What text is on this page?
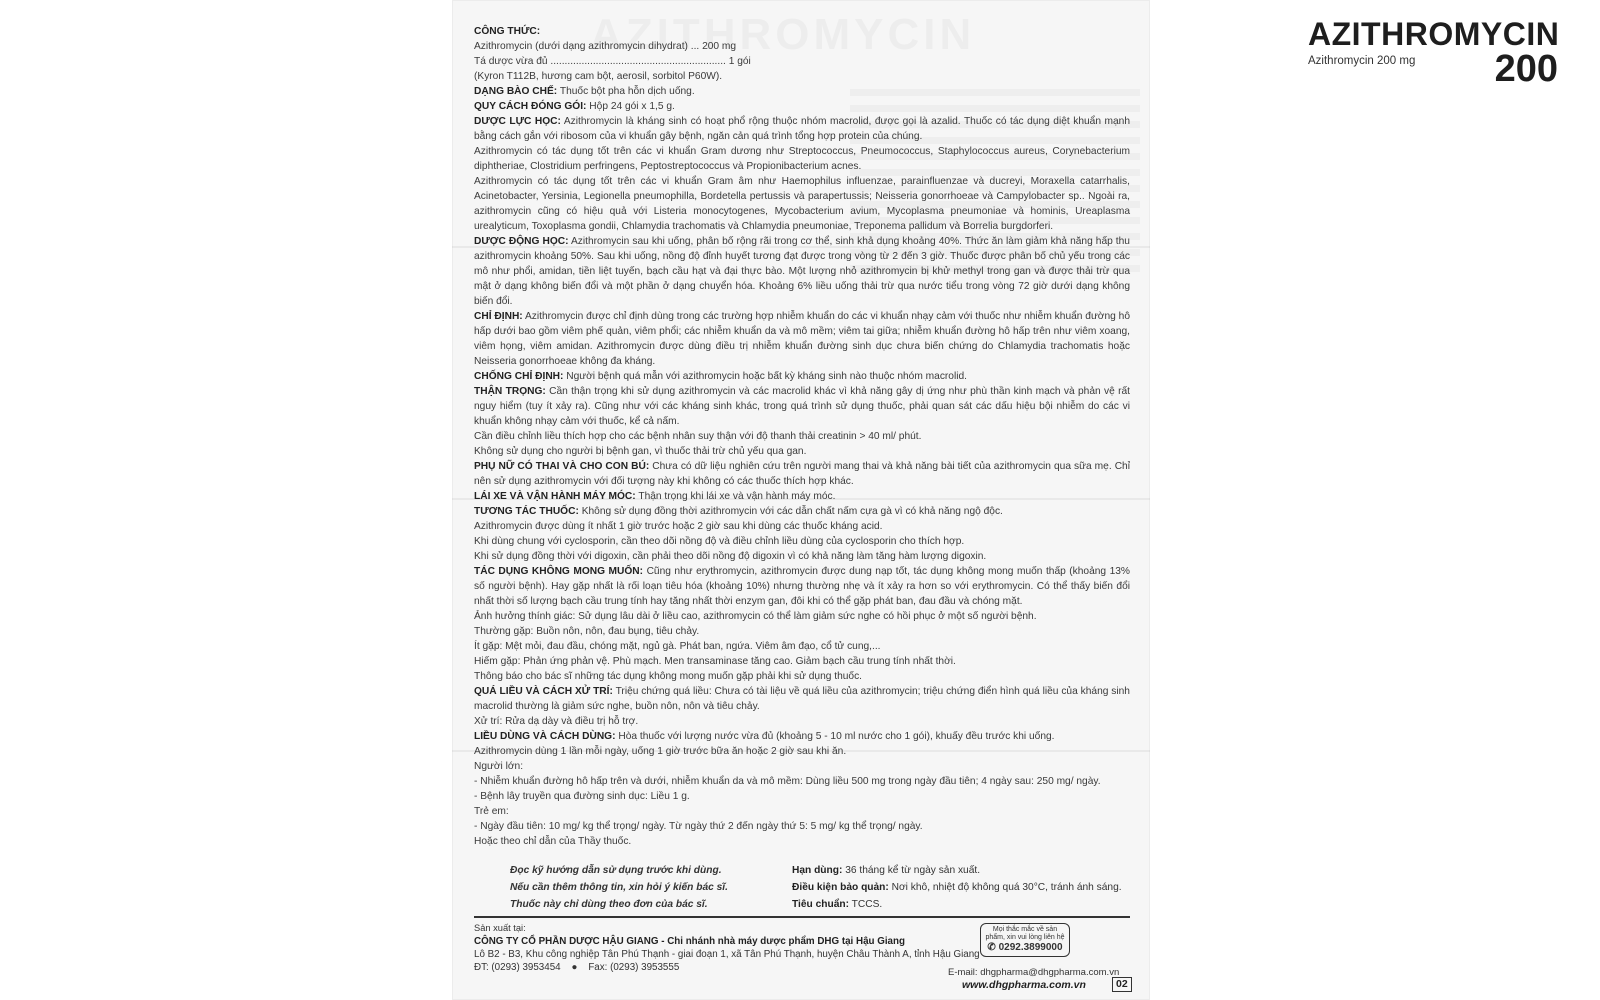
AZITHROMYCIN
Azithromycin 200 mg	200

CÔNG THỨC:

Azithromycin (dưới dạng azithromycin dihydrat) ... 200 mg

Tá dược vừa đủ .............................................................. 1 gói

(Kyron T112B, hương cam bột, aerosil, sorbitol P60W).

DẠNG BÀO CHẾ: Thuốc bột pha hỗn dịch uống.

QUY CÁCH ĐÓNG GÓI: Hộp 24 gói x 1,5 g.

DƯỢC LỰC HỌC: Azithromycin là kháng sinh có hoạt phổ rộng thuộc nhóm macrolid, được gọi là azalid. Thuốc có tác dụng diệt khuẩn mạnh bằng cách gắn với ribosom của vi khuẩn gây bệnh, ngăn cản quá trình tổng hợp protein của chúng.

Azithromycin có tác dụng tốt trên các vi khuẩn Gram dương như Streptococcus, Pneumococcus, Staphylococcus aureus, Corynebacterium diphtheriae, Clostridium perfringens, Peptostreptococcus và Propionibacterium acnes.

Azithromycin có tác dụng tốt trên các vi khuẩn Gram âm như Haemophilus influenzae, parainfluenzae và ducreyi, Moraxella catarrhalis, Acinetobacter, Yersinia, Legionella pneumophilla, Bordetella pertussis và parapertussis; Neisseria gonorrhoeae và Campylobacter sp.. Ngoài ra, azithromycin cũng có hiệu quả với Listeria monocytogenes, Mycobacterium avium, Mycoplasma pneumoniae và hominis, Ureaplasma urealyticum, Toxoplasma gondii, Chlamydia trachomatis và Chlamydia pneumoniae, Treponema pallidum và Borrelia burgdorferi.

DƯỢC ĐỘNG HỌC: Azithromycin sau khi uống, phân bố rộng rãi trong cơ thể, sinh khả dụng khoảng 40%. Thức ăn làm giảm khả năng hấp thu azithromycin khoảng 50%. Sau khi uống, nồng độ đỉnh huyết tương đạt được trong vòng từ 2 đến 3 giờ. Thuốc được phân bố chủ yếu trong các mô như phổi, amidan, tiền liệt tuyến, bạch cầu hạt và đại thực bào. Một lượng nhỏ azithromycin bị khử methyl trong gan và được thải trừ qua mật ở dạng không biến đổi và một phần ở dạng chuyển hóa. Khoảng 6% liều uống thải trừ qua nước tiểu trong vòng 72 giờ dưới dạng không biến đổi.

CHỈ ĐỊNH: Azithromycin được chỉ định dùng trong các trường hợp nhiễm khuẩn do các vi khuẩn nhạy cảm với thuốc như nhiễm khuẩn đường hô hấp dưới bao gồm viêm phế quản, viêm phổi; các nhiễm khuẩn da và mô mềm; viêm tai giữa; nhiễm khuẩn đường hô hấp trên như viêm xoang, viêm họng, viêm amidan. Azithromycin được dùng điều trị nhiễm khuẩn đường sinh dục chưa biến chứng do Chlamydia trachomatis hoặc Neisseria gonorrhoeae không đa kháng.

CHỐNG CHỈ ĐỊNH: Người bệnh quá mẫn với azithromycin hoặc bất kỳ kháng sinh nào thuộc nhóm macrolid.

THẬN TRỌNG: Cần thận trọng khi sử dụng azithromycin và các macrolid khác vì khả năng gây dị ứng như phù thần kinh mạch và phản vệ rất nguy hiểm (tuy ít xảy ra). Cũng như với các kháng sinh khác, trong quá trình sử dụng thuốc, phải quan sát các dấu hiệu bội nhiễm do các vi khuẩn không nhạy cảm với thuốc, kể cả nấm.

Cần điều chỉnh liều thích hợp cho các bệnh nhân suy thận với độ thanh thải creatinin > 40 ml/ phút.

Không sử dụng cho người bị bệnh gan, vì thuốc thải trừ chủ yếu qua gan.

PHỤ NỮ CÓ THAI VÀ CHO CON BÚ: Chưa có dữ liệu nghiên cứu trên người mang thai và khả năng bài tiết của azithromycin qua sữa mẹ. Chỉ nên sử dụng azithromycin với đối tượng này khi không có các thuốc thích hợp khác.

LÁI XE VÀ VẬN HÀNH MÁY MÓC: Thận trọng khi lái xe và vận hành máy móc.

TƯƠNG TÁC THUỐC: Không sử dụng đồng thời azithromycin với các dẫn chất nấm cựa gà vì có khả năng ngộ độc.

Azithromycin được dùng ít nhất 1 giờ trước hoặc 2 giờ sau khi dùng các thuốc kháng acid.

Khi dùng chung với cyclosporin, cần theo dõi nồng độ và điều chỉnh liều dùng của cyclosporin cho thích hợp.

Khi sử dụng đồng thời với digoxin, cần phải theo dõi nồng độ digoxin vì có khả năng làm tăng hàm lượng digoxin.

TÁC DỤNG KHÔNG MONG MUỐN: Cũng như erythromycin, azithromycin được dung nạp tốt, tác dụng không mong muốn thấp (khoảng 13% số người bệnh). Hay gặp nhất là rối loạn tiêu hóa (khoảng 10%) nhưng thường nhẹ và ít xảy ra hơn so với erythromycin. Có thể thấy biến đổi nhất thời số lượng bạch cầu trung tính hay tăng nhất thời enzym gan, đôi khi có thể gặp phát ban, đau đầu và chóng mặt.

Ảnh hưởng thính giác: Sử dụng lâu dài ở liều cao, azithromycin có thể làm giảm sức nghe có hồi phục ở một số người bệnh.

Thường gặp: Buồn nôn, nôn, đau bụng, tiêu chảy.

Ít gặp: Mệt mỏi, đau đầu, chóng mặt, ngủ gà. Phát ban, ngứa. Viêm âm đạo, cổ tử cung,...

Hiếm gặp: Phản ứng phản vệ. Phù mạch. Men transaminase tăng cao. Giảm bạch cầu trung tính nhất thời.

Thông báo cho bác sĩ những tác dụng không mong muốn gặp phải khi sử dụng thuốc.

QUÁ LIỀU VÀ CÁCH XỬ TRÍ: Triệu chứng quá liều: Chưa có tài liệu về quá liều của azithromycin; triệu chứng điển hình quá liều của kháng sinh macrolid thường là giảm sức nghe, buồn nôn, nôn và tiêu chảy.

Xử trí: Rửa dạ dày và điều trị hỗ trợ.

LIỀU DÙNG VÀ CÁCH DÙNG: Hòa thuốc với lượng nước vừa đủ (khoảng 5 - 10 ml nước cho 1 gói), khuấy đều trước khi uống.

Azithromycin dùng 1 lần mỗi ngày, uống 1 giờ trước bữa ăn hoặc 2 giờ sau khi ăn.

Người lớn:

- Nhiễm khuẩn đường hô hấp trên và dưới, nhiễm khuẩn da và mô mềm: Dùng liều 500 mg trong ngày đầu tiên; 4 ngày sau: 250 mg/ ngày.

- Bệnh lây truyền qua đường sinh dục: Liều 1 g.

Trẻ em:

- Ngày đầu tiên: 10 mg/ kg thể trọng/ ngày. Từ ngày thứ 2 đến ngày thứ 5: 5 mg/ kg thể trọng/ ngày.

Hoặc theo chỉ dẫn của Thầy thuốc.

Đọc kỹ hướng dẫn sử dụng trước khi dùng.
Nếu cần thêm thông tin, xin hỏi ý kiến bác sĩ.
Thuốc này chỉ dùng theo đơn của bác sĩ.
Hạn dùng: 36 tháng kể từ ngày sản xuất.
Điều kiện bảo quản: Nơi khô, nhiệt độ không quá 30°C, tránh ánh sáng.
Tiêu chuẩn: TCCS.
Sản xuất tại:
CÔNG TY CỔ PHẦN DƯỢC HẬU GIANG - Chi nhánh nhà máy dược phẩm DHG tại Hậu Giang
Lô B2 - B3, Khu công nghiệp Tân Phú Thạnh - giai đoạn 1, xã Tân Phú Thạnh, huyện Châu Thành A, tỉnh Hậu Giang
ĐT: (0293) 3953454 ● Fax: (0293) 3953555
Mọi thắc mắc về sản phẩm, xin vui lòng liên hệ
✆ 0292.3899000
E-mail: dhgpharma@dhgpharma.com.vn
www.dhgpharma.com.vn	02
